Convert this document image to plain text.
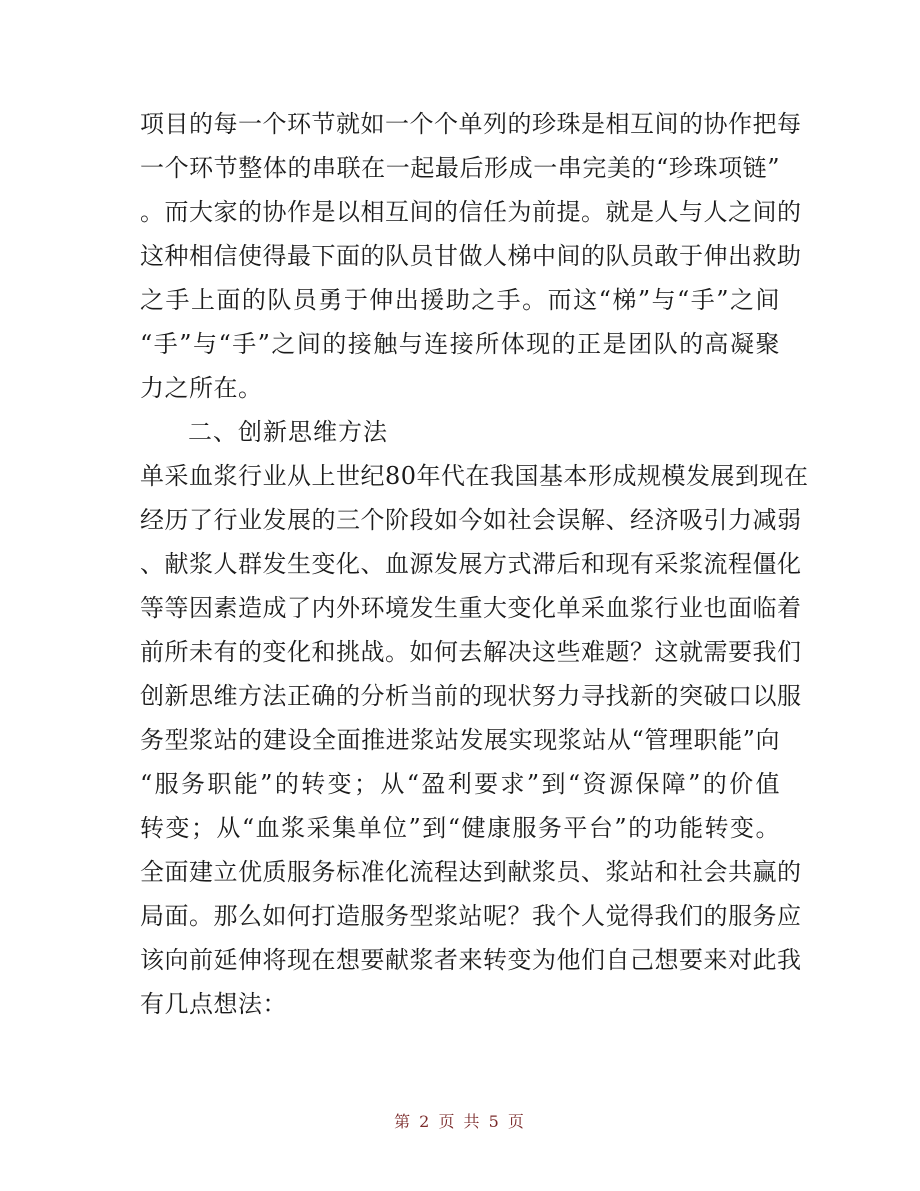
项目的每一个环节就如一个个单列的珍珠是相互间的协作把每
一个环节整体的串联在一起最后形成一串完美的“珍珠项链”
。而大家的协作是以相互间的信任为前提。就是人与人之间的
这种相信使得最下面的队员甘做人梯中间的队员敢于伸出救助
之手上面的队员勇于伸出援助之手。而这“梯”与“手”之间
“手”与“手”之间的接触与连接所体现的正是团队的高凝聚
力之所在。
二、创新思维方法
单采血浆行业从上世纪80年代在我国基本形成规模发展到现在
经历了行业发展的三个阶段如今如社会误解、经济吸引力减弱
、献浆人群发生变化、血源发展方式滞后和现有采浆流程僵化
等等因素造成了内外环境发生重大变化单采血浆行业也面临着
前所未有的变化和挑战。如何去解决这些难题？这就需要我们
创新思维方法正确的分析当前的现状努力寻找新的突破口以服
务型浆站的建设全面推进浆站发展实现浆站从“管理职能”向
“服务职能”的转变；从“盈利要求”到“资源保障”的价值
转变；从“血浆采集单位”到“健康服务平台”的功能转变。
全面建立优质服务标准化流程达到献浆员、浆站和社会共赢的
局面。那么如何打造服务型浆站呢？我个人觉得我们的服务应
该向前延伸将现在想要献浆者来转变为他们自己想要来对此我
有几点想法：
第 2 页 共 5 页
